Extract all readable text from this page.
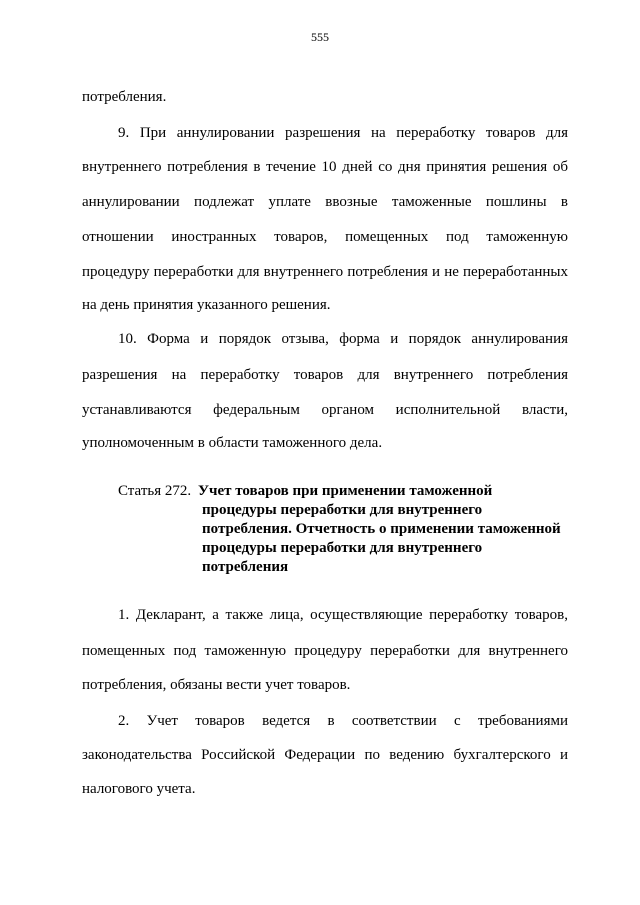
555
потребления.
9. При аннулировании разрешения на переработку товаров для
внутреннего потребления в течение 10 дней со дня принятия решения об
аннулировании подлежат уплате ввозные таможенные пошлины в
отношении иностранных товаров, помещенных под таможенную
процедуру переработки для внутреннего потребления и не переработанных
на день принятия указанного решения.
10. Форма и порядок отзыва, форма и порядок аннулирования
разрешения на переработку товаров для внутреннего потребления
устанавливаются федеральным органом исполнительной власти,
уполномоченным в области таможенного дела.
Статья 272. Учет товаров при применении таможенной
процедуры переработки для внутреннего
потребления. Отчетность о применении таможенной
процедуры переработки для внутреннего
потребления
1. Декларант, а также лица, осуществляющие переработку товаров,
помещенных под таможенную процедуру переработки для внутреннего
потребления, обязаны вести учет товаров.
2. Учет товаров ведется в соответствии с требованиями
законодательства Российской Федерации по ведению бухгалтерского и
налогового учета.
